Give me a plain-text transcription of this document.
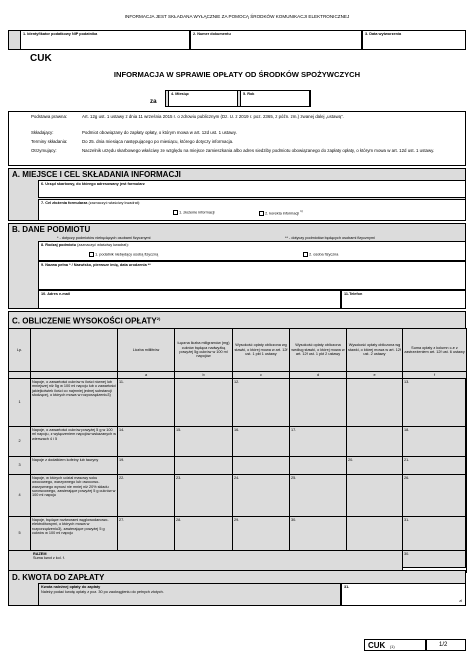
INFORMACJA JEST SKŁADANA WYŁĄCZNIE ZA POMOCĄ ŚRODKÓW KOMUNIKACJI ELEKTRONICZNEJ
1. Identyfikator podatkowy NIP podatnika	2. Numer dokumentu	3. Data wytworzenia
CUK
INFORMACJA W SPRAWIE OPŁATY OD ŚRODKÓW SPOŻYWCZYCH
za
4. Miesiąc	5. Rok
Podstawa prawna:	Art. 12g ust. 1 ustawy z dnia 11 września 2015 r. o zdrowiu publicznym (Dz. U. z 2019 r. poz. 2365, z późn. zm.) zwanej dalej „ustawą”.
Składający:	Podmiot obowiązany do zapłaty opłaty, o którym mowa w art. 12d ust. 1 ustawy.
Terminy składania:	Do 25. dnia miesiąca następującego po miesiącu, którego dotyczy informacja.
Otrzymujący:	Naczelnik urzędu skarbowego właściwy ze względu na miejsce zamieszkania albo adres siedziby podmiotu obowiązanego do zapłaty opłaty, o którym mowa w art. 12d ust. 1 ustawy.
A. MIEJSCE I CEL SKŁADANIA INFORMACJI
6. Urząd skarbowy, do którego adresowany jest formularz
7. Cel złożenia formularza (zaznaczyć właściwy kwadrat):
1. złożenie informacji	2. korekta informacji $^{1)}$
B. DANE PODMIOTU
* - dotyczy podmiotów niebędących osobami fizycznymi	** - dotyczy podmiotów będących osobami fizycznymi
8. Rodzaj podmiotu (zaznaczyć właściwy kwadrat):
1. podatnik niebędący osobą fizyczną	2. osoba fizyczna
9. Nazwa pełna * / Nazwisko, pierwsze imię, data urodzenia **
10. Adres e-mail	11.Telefon
C. OBLICZENIE WYSOKOŚCI OPŁATY$^{2)}$
Lp.		Liczba mililitrów	Łączna liczba miligramów (mg) cukrów będąca nadwyżką powyżej 5g cukrów w 100 ml napojów	Wysokość opłaty obliczona wg stawki, o której mowa w art. 12f ust. 1 pkt 1 ustawy	Wysokość opłaty obliczona według stawki, o której mowa w art. 12f ust. 1 pkt 2 ustawy	Wysokość opłaty obliczona wg stawki, o której mowa w art. 12f ust. 2 ustawy	Suma opłaty z kolumn c-e z zastrzeżeniem art. 12f ust. 6 ustawy
		a	b	c	d	e	f
1	Napoje, o zawartości cukrów w ilości równej lub mniejszej niż 5g w 100 ml napoju lub o zawartości jakiejkolwiek ilości co najmniej jednej substancji słodzącej, o których mowa w rozporządzeniu3)	11.		12.			13.
2	Napoje, o zawartości cukrów powyżej 5 g w 100 ml napoju, z wyłączeniem napojów wskazanych w wierszach 4 i 5	14.	15.	16.	17.		18.
3	Napoje z dodatkiem kofeiny lub tauryny	19.				20.	21.
4	Napoje, w których udział masowy soku owocowego, warzywnego lub owocowo-warzywnego wynosi nie mniej niż 20% składu surowcowego, zawierające powyżej 5 g cukrów w 100 ml napoju	22.	23.	24.	25.		26.
5	Napoje, będące roztworami węglowodanowo-elektrolitowymi, o których mowa w rozporządzeniu3), zawierające powyżej 5 g cukrów w 100 ml napoju	27.	28.	29.	30.		31.

RAZEM
Suma kwot z kol. f.							30.
D. KWOTA DO ZAPŁATY
Kwota należnej opłaty do zapłaty
Należy podać kwotę opłaty z poz. 30 po zaokrągleniu do pełnych złotych.
31.
zł
CUK (1)	1/2
